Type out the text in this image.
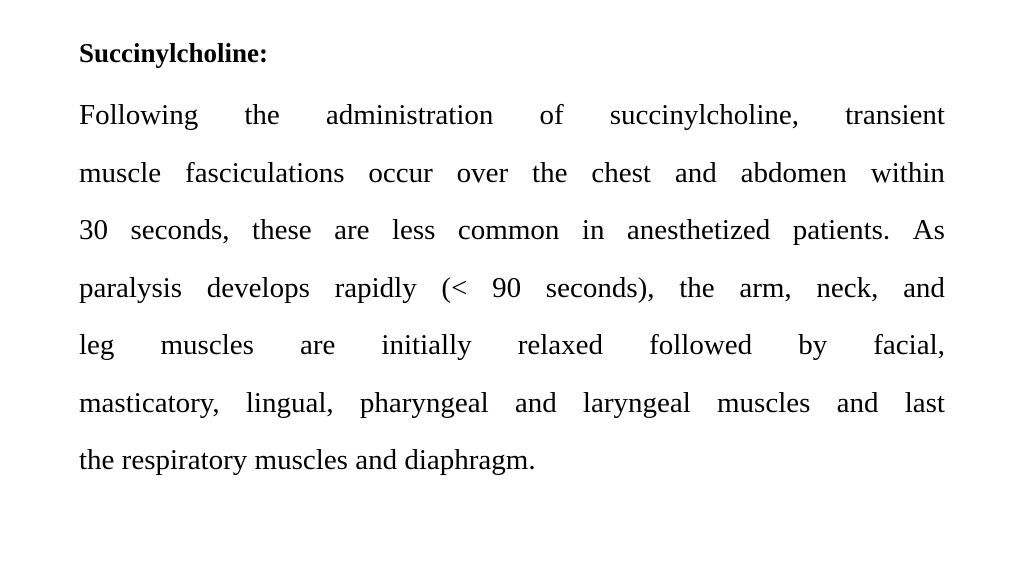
Succinylcholine:
Following the administration of succinylcholine, transient
muscle fasciculations occur over the chest and abdomen within
30 seconds, these are less common in anesthetized patients. As
paralysis develops rapidly (< 90 seconds), the arm, neck, and
leg muscles are initially relaxed followed by facial,
masticatory, lingual, pharyngeal and laryngeal muscles and last
the respiratory muscles and diaphragm.
